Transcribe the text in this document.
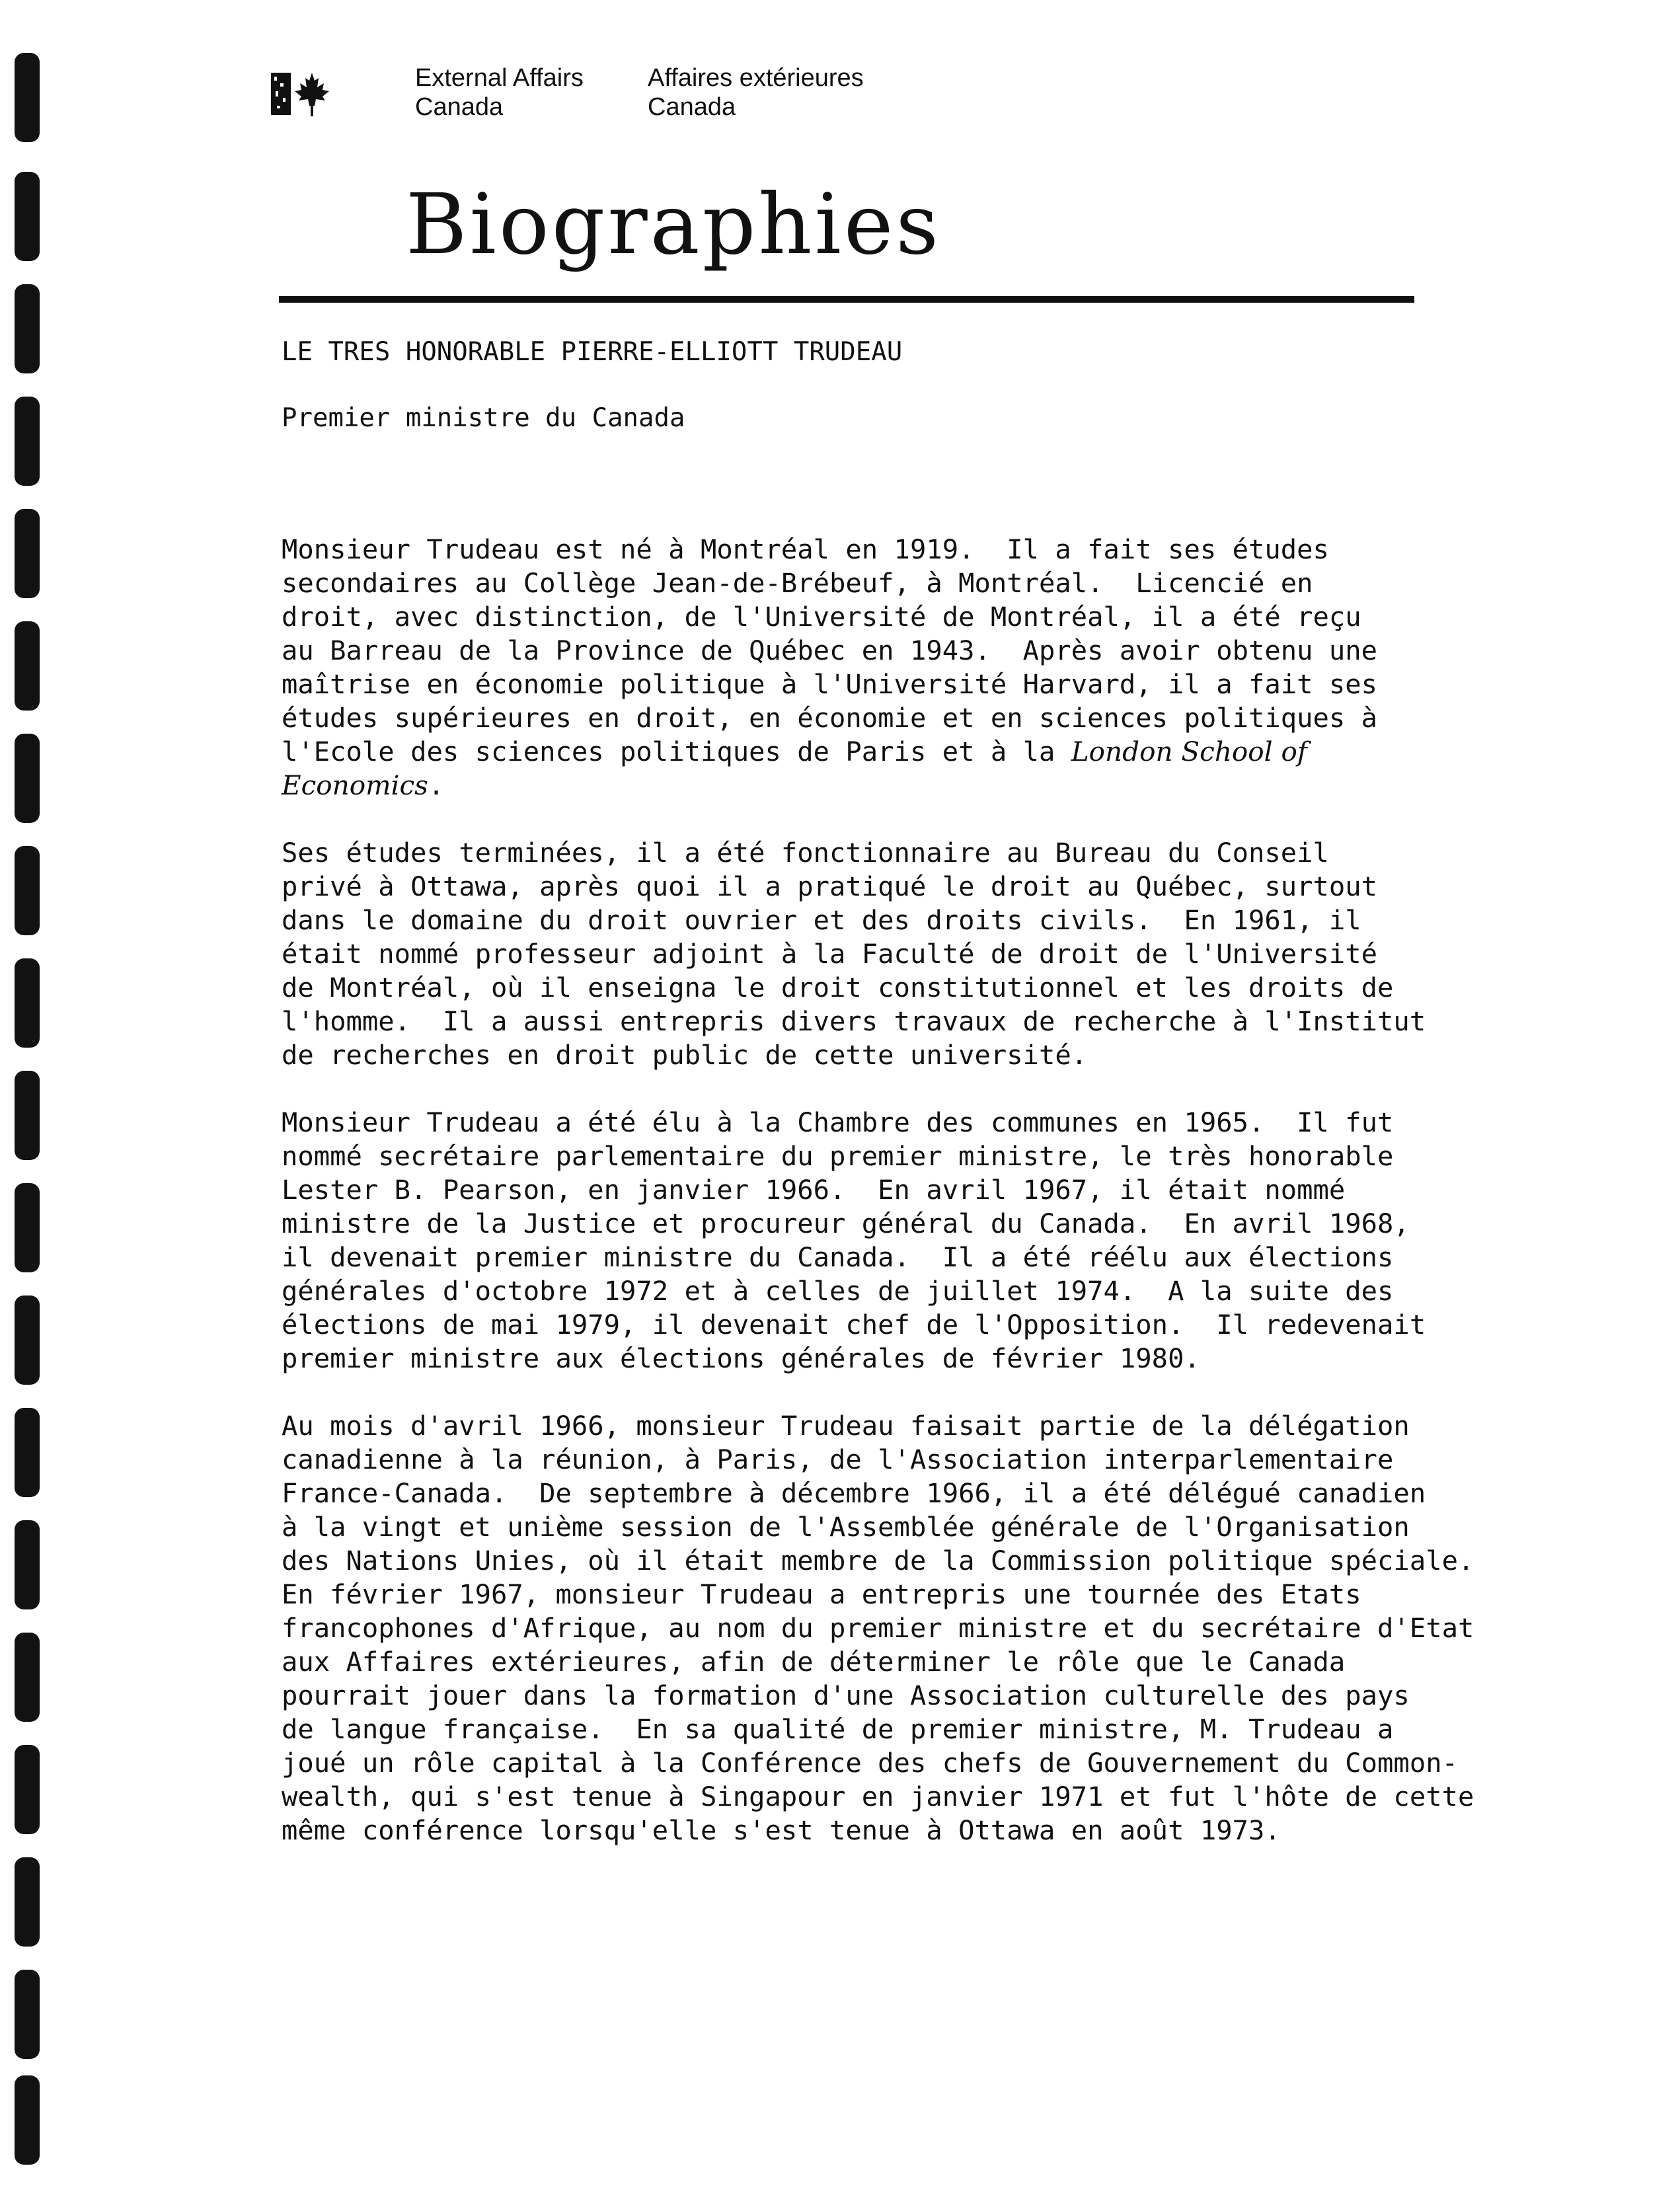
External Affairs
Canada
Affaires extérieures
Canada
Biographies
LE TRES HONORABLE PIERRE-ELLIOTT TRUDEAU
Premier ministre du Canada

Monsieur Trudeau est né à Montréal en 1919.  Il a fait ses études
secondaires au Collège Jean-de-Brébeuf, à Montréal.  Licencié en
droit, avec distinction, de l'Université de Montréal, il a été reçu
au Barreau de la Province de Québec en 1943.  Après avoir obtenu une
maîtrise en économie politique à l'Université Harvard, il a fait ses
études supérieures en droit, en économie et en sciences politiques à
l'Ecole des sciences politiques de Paris et à la London School of
Economics.

Ses études terminées, il a été fonctionnaire au Bureau du Conseil
privé à Ottawa, après quoi il a pratiqué le droit au Québec, surtout
dans le domaine du droit ouvrier et des droits civils.  En 1961, il
était nommé professeur adjoint à la Faculté de droit de l'Université
de Montréal, où il enseigna le droit constitutionnel et les droits de
l'homme.  Il a aussi entrepris divers travaux de recherche à l'Institut
de recherches en droit public de cette université.

Monsieur Trudeau a été élu à la Chambre des communes en 1965.  Il fut
nommé secrétaire parlementaire du premier ministre, le très honorable
Lester B. Pearson, en janvier 1966.  En avril 1967, il était nommé
ministre de la Justice et procureur général du Canada.  En avril 1968,
il devenait premier ministre du Canada.  Il a été réélu aux élections
générales d'octobre 1972 et à celles de juillet 1974.  A la suite des
élections de mai 1979, il devenait chef de l'Opposition.  Il redevenait
premier ministre aux élections générales de février 1980.

Au mois d'avril 1966, monsieur Trudeau faisait partie de la délégation
canadienne à la réunion, à Paris, de l'Association interparlementaire
France-Canada.  De septembre à décembre 1966, il a été délégué canadien
à la vingt et unième session de l'Assemblée générale de l'Organisation
des Nations Unies, où il était membre de la Commission politique spéciale.
En février 1967, monsieur Trudeau a entrepris une tournée des Etats
francophones d'Afrique, au nom du premier ministre et du secrétaire d'Etat
aux Affaires extérieures, afin de déterminer le rôle que le Canada
pourrait jouer dans la formation d'une Association culturelle des pays
de langue française.  En sa qualité de premier ministre, M. Trudeau a
joué un rôle capital à la Conférence des chefs de Gouvernement du Common-
wealth, qui s'est tenue à Singapour en janvier 1971 et fut l'hôte de cette
même conférence lorsqu'elle s'est tenue à Ottawa en août 1973.
